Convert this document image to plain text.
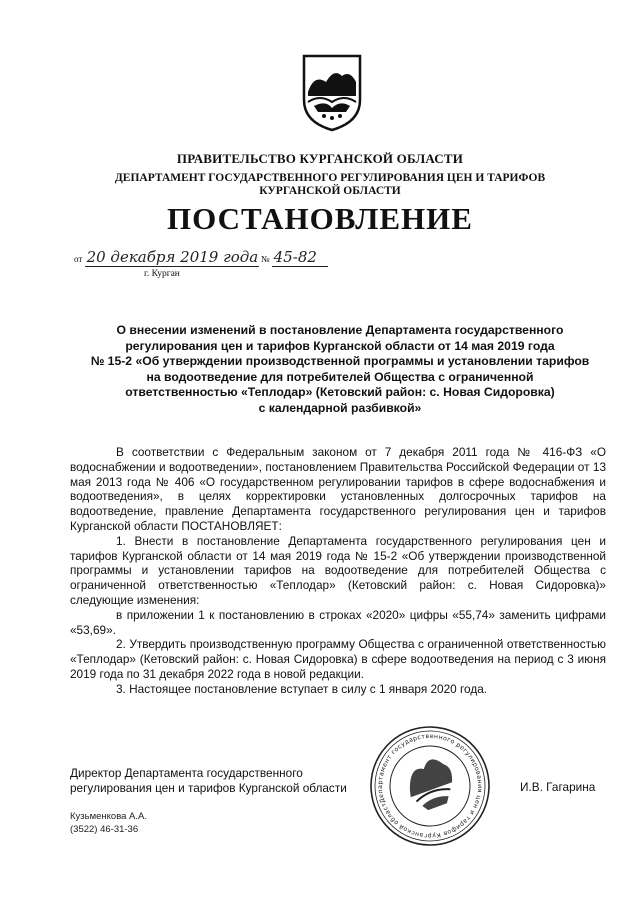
ПРАВИТЕЛЬСТВО КУРГАНСКОЙ ОБЛАСТИ
ДЕПАРТАМЕНТ ГОСУДАРСТВЕННОГО РЕГУЛИРОВАНИЯ ЦЕН И ТАРИФОВ
КУРГАНСКОЙ ОБЛАСТИ
ПОСТАНОВЛЕНИЕ
от 20 декабря 2019 года № 45-82
г. Курган
О внесении изменений в постановление Департамента государственного
регулирования цен и тарифов Курганской области от 14 мая 2019 года
№ 15-2 «Об утверждении производственной программы и установлении тарифов
на водоотведение для потребителей Общества с ограниченной
ответственностью «Теплодар» (Кетовский район: с. Новая Сидоровка)
с календарной разбивкой»

В соответствии с Федеральным законом от 7 декабря 2011 года № 416-ФЗ «О водоснабжении и водоотведении», постановлением Правительства Российской Федерации от 13 мая 2013 года № 406 «О государственном регулировании тарифов в сфере водоснабжения и водоотведения», в целях корректировки установленных долгосрочных тарифов на водоотведение, правление Департамента государственного регулирования цен и тарифов Курганской области ПОСТАНОВЛЯЕТ:

1. Внести в постановление Департамента государственного регулирования цен и тарифов Курганской области от 14 мая 2019 года № 15-2 «Об утверждении производственной программы и установлении тарифов на водоотведение для потребителей Общества с ограниченной ответственностью «Теплодар» (Кетовский район: с. Новая Сидоровка)» следующие изменения:

в приложении 1 к постановлению в строках «2020» цифры «55,74» заменить цифрами «53,69».

2. Утвердить производственную программу Общества с ограниченной ответственностью «Теплодар» (Кетовский район: с. Новая Сидоровка) в сфере водоотведения на период с 3 июня 2019 года по 31 декабря 2022 года в новой редакции.

3. Настоящее постановление вступает в силу с 1 января 2020 года.

Директор Департамента государственного
регулирования цен и тарифов Курганской области	И.В. Гагарина
Кузьменкова А.А.
(3522) 46-31-36
Департамент государственного регулирования цен и тарифов Курганской области
